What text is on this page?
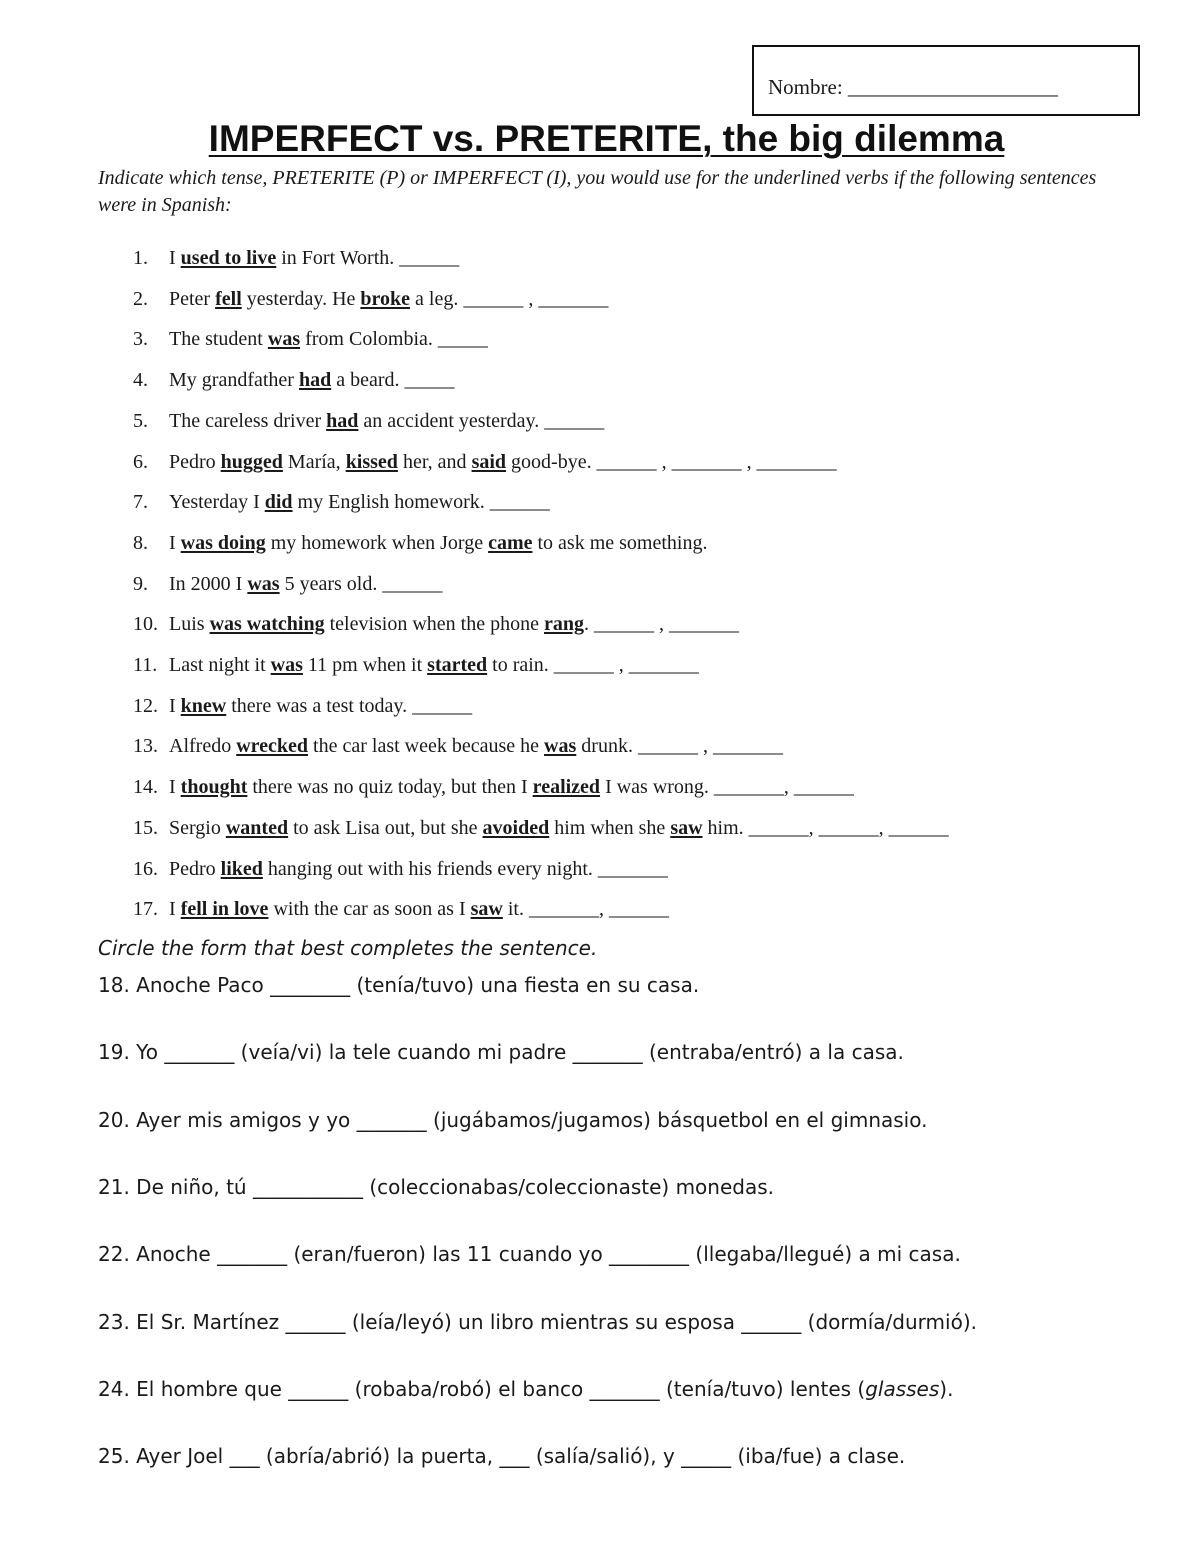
Nombre: ____________________
IMPERFECT vs. PRETERITE, the big dilemma
Indicate which tense, PRETERITE (P) or IMPERFECT (I), you would use for the underlined verbs if the following sentences were in Spanish:
1. I used to live in Fort Worth. ______
2. Peter fell yesterday. He broke a leg. ______ , _______
3. The student was from Colombia. _____
4. My grandfather had a beard. _____
5. The careless driver had an accident yesterday. ______
6. Pedro hugged María, kissed her, and said good-bye. ______ , _______ , ________
7. Yesterday I did my English homework. ______
8. I was doing my homework when Jorge came to ask me something.
9. In 2000 I was 5 years old. ______
10. Luis was watching television when the phone rang. ______ , _______
11. Last night it was 11 pm when it started to rain. ______ , _______
12. I knew there was a test today. ______
13. Alfredo wrecked the car last week because he was drunk. ______ , _______
14. I thought there was no quiz today, but then I realized I was wrong. _______, ______
15. Sergio wanted to ask Lisa out, but she avoided him when she saw him. ______, ______, ______
16. Pedro liked hanging out with his friends every night. _______
17. I fell in love with the car as soon as I saw it. _______, ______
Circle the form that best completes the sentence.
18. Anoche Paco ________ (tenía/tuvo) una fiesta en su casa.
19. Yo _______ (veía/vi) la tele cuando mi padre _______ (entraba/entró) a la casa.
20. Ayer mis amigos y yo _______ (jugábamos/jugamos) básquetbol en el gimnasio.
21. De niño, tú ___________ (coleccionabas/coleccionaste) monedas.
22. Anoche _______ (eran/fueron) las 11 cuando yo ________ (llegaba/llegué) a mi casa.
23. El Sr. Martínez ______ (leía/leyó) un libro mientras su esposa ______ (dormía/durmió).
24. El hombre que ______ (robaba/robó) el banco _______ (tenía/tuvo) lentes (glasses).
25. Ayer Joel ___ (abría/abrió) la puerta, ___ (salía/salió), y _____ (iba/fue) a clase.
